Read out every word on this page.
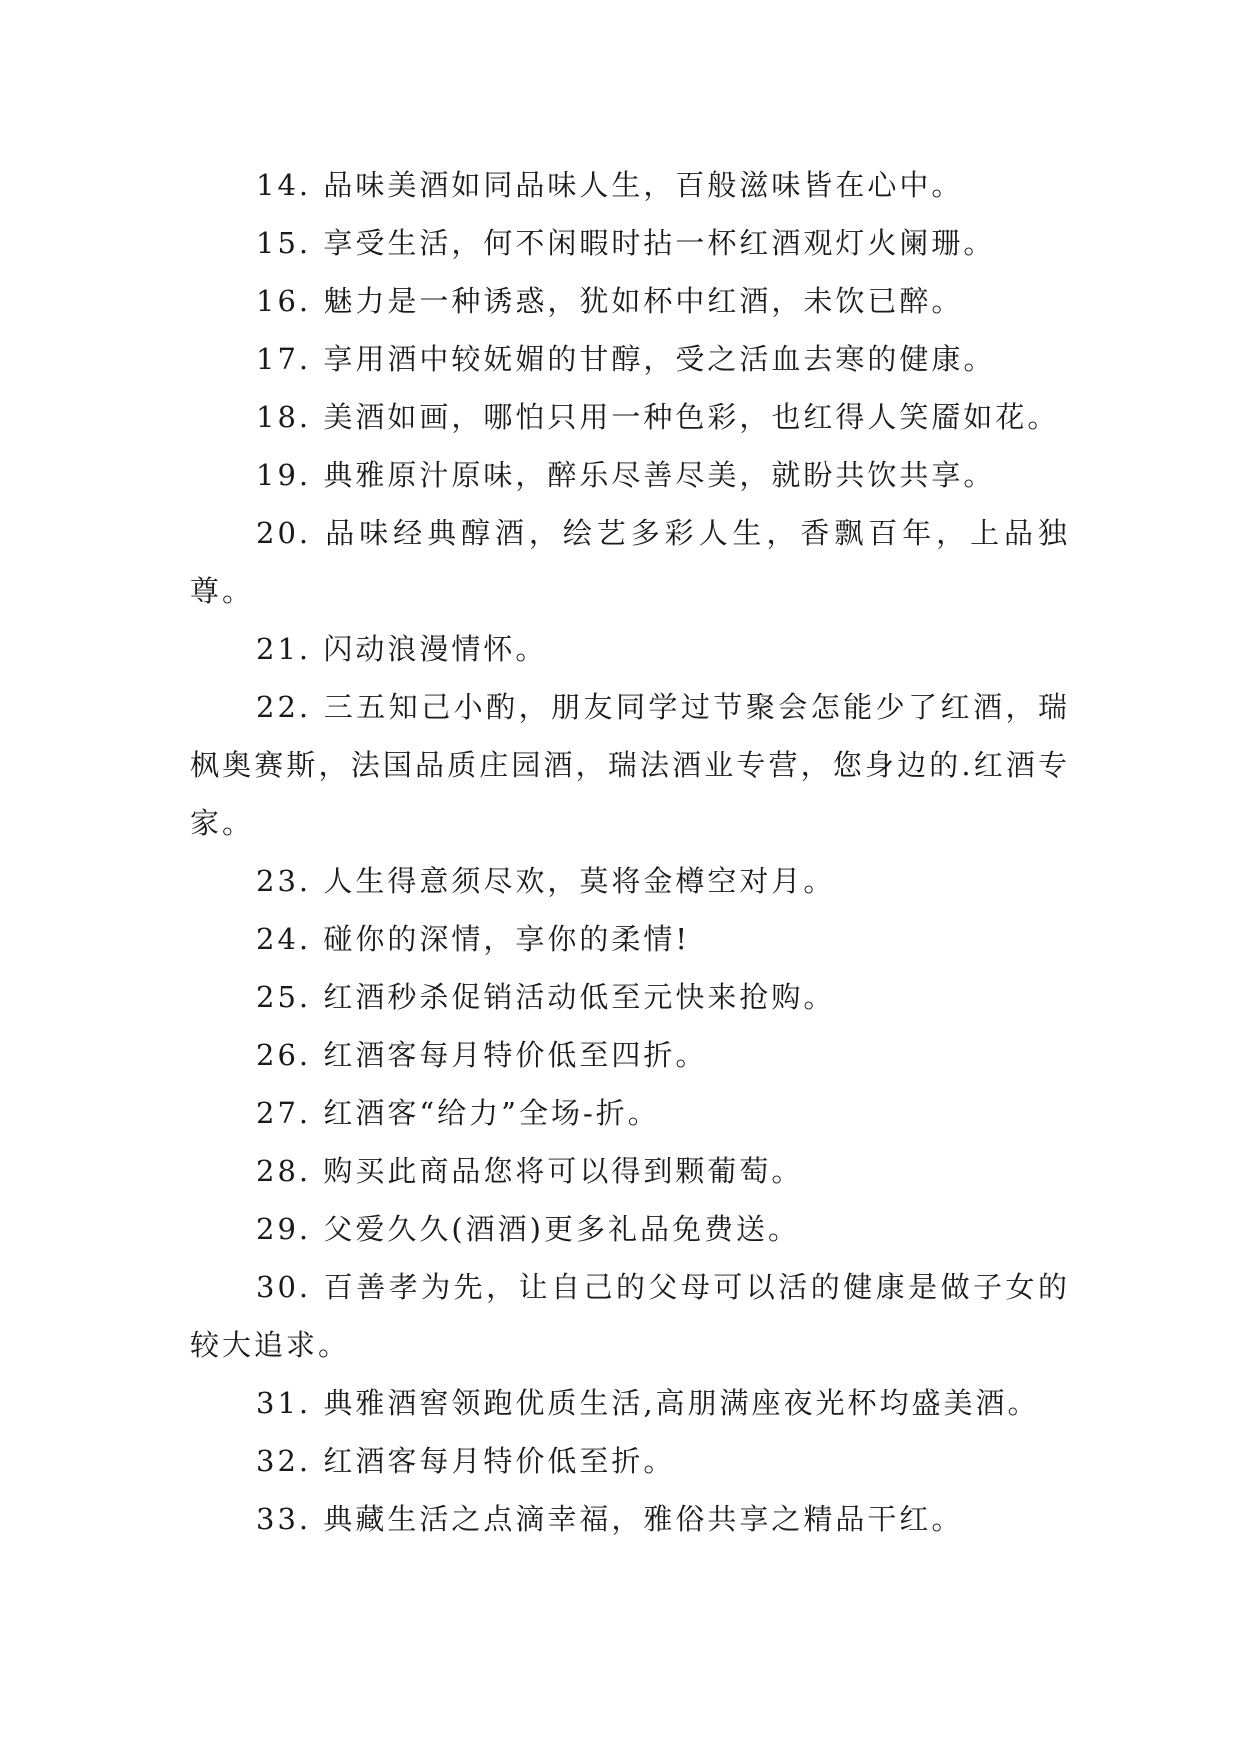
14. 品味美酒如同品味人生，百般滋味皆在心中。

15. 享受生活，何不闲暇时拈一杯红酒观灯火阑珊。

16. 魅力是一种诱惑，犹如杯中红酒，未饮已醉。

17. 享用酒中较妩媚的甘醇，受之活血去寒的健康。

18. 美酒如画，哪怕只用一种色彩，也红得人笑靥如花。

19. 典雅原汁原味，醉乐尽善尽美，就盼共饮共享。

20. 品味经典醇酒，绘艺多彩人生，香飘百年，上品独尊。

21. 闪动浪漫情怀。

22. 三五知己小酌，朋友同学过节聚会怎能少了红酒，瑞枫奥赛斯，法国品质庄园酒，瑞法酒业专营，您身边的.红酒专家。

23. 人生得意须尽欢，莫将金樽空对月。

24. 碰你的深情，享你的柔情!

25. 红酒秒杀促销活动低至元快来抢购。

26. 红酒客每月特价低至四折。

27. 红酒客“给力”全场-折。

28. 购买此商品您将可以得到颗葡萄。

29. 父爱久久(酒酒)更多礼品免费送。

30. 百善孝为先，让自己的父母可以活的健康是做子女的较大追求。

31. 典雅酒窖领跑优质生活,高朋满座夜光杯均盛美酒。

32. 红酒客每月特价低至折。

33. 典藏生活之点滴幸福，雅俗共享之精品干红。
